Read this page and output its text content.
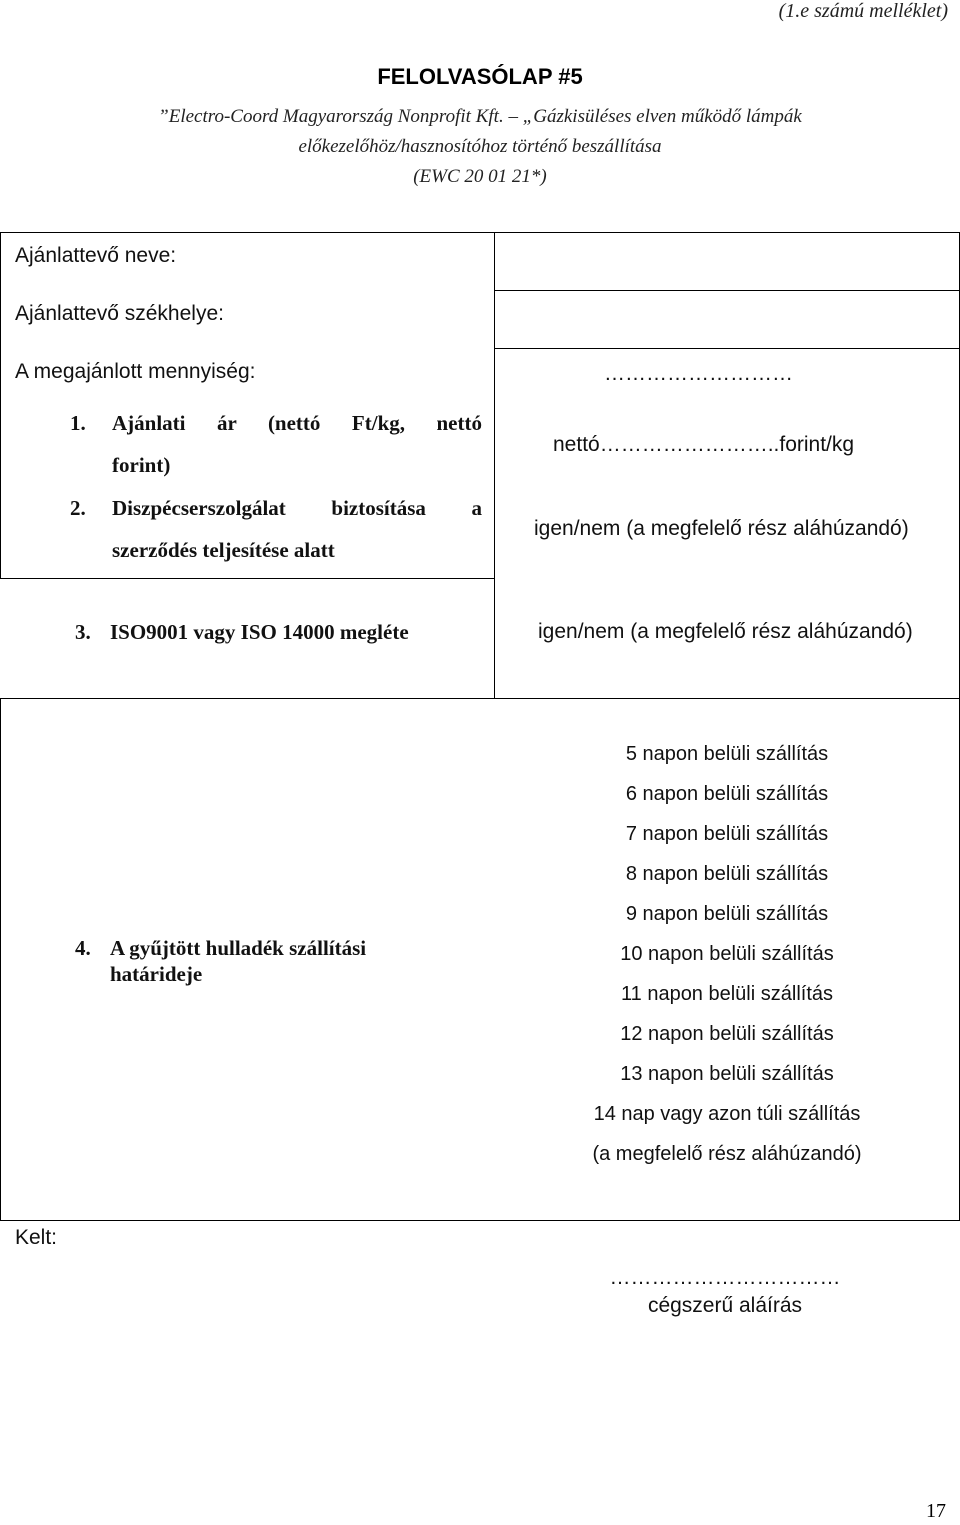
(1.e számú melléklet)
FELOLVASÓLAP #5
”Electro-Coord Magyarország Nonprofit Kft. – „Gázkisüléses elven működő lámpák
előkezelőhöz/hasznosítóhoz történő beszállítása
(EWC 20 01 21*)
Ajánlattevő neve:
Ajánlattevő székhelye:
A megajánlott mennyiség:	………………………
1. Ajánlati ár (nettó Ft/kg, nettó
forint)
nettó……………………..forint/kg
2. Diszpécserszolgálat biztosítása a
szerződés teljesítése alatt
igen/nem (a megfelelő rész aláhúzandó)
3. ISO9001 vagy ISO 14000 megléte	igen/nem (a megfelelő rész aláhúzandó)
4. A gyűjtött hulladék szállítási
határideje
5 napon belüli szállítás
6 napon belüli szállítás
7 napon belüli szállítás
8 napon belüli szállítás
9 napon belüli szállítás
10 napon belüli szállítás
11 napon belüli szállítás
12 napon belüli szállítás
13 napon belüli szállítás
14 nap vagy azon túli szállítás
(a megfelelő rész aláhúzandó)
Kelt:
……………………………
cégszerű aláírás
17
